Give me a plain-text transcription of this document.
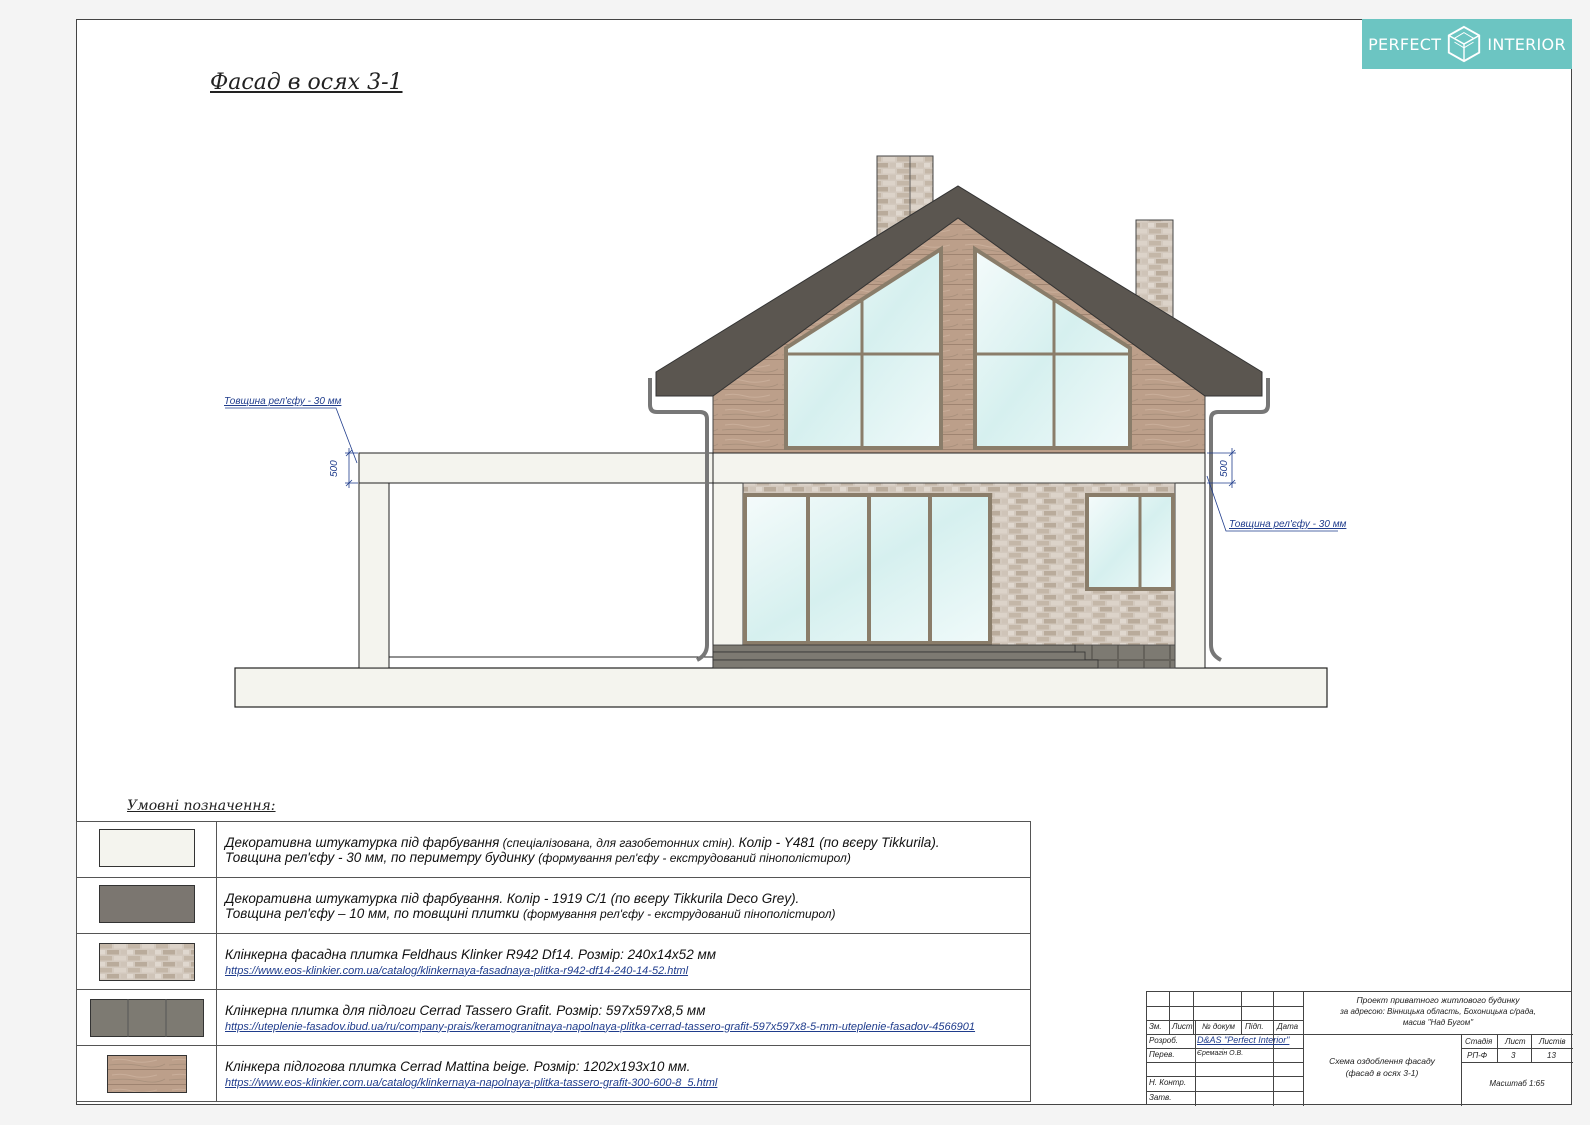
PERFECT	INTERIOR
Фасад в осях 3-1
Товщина рел'єфу - 30 мм
Товщина рел'єфу - 30 мм
500	500
Умовні позначення:
	Декоративна штукатурка під фарбування (спеціалізована, для газобетонних стін). Колір - Y481 (по вєеру Tikkurila).
Товщина рел'єфу - 30 мм, по периметру будинку (формування рел'єфу - екструдований пінополістирол)
	Декоративна штукатурка під фарбування. Колір - 1919 C/1 (по вєеру Tikkurila Deco Grey).
Товщина рел'єфу – 10 мм, по товщині плитки (формування рел'єфу - екструдований пінополістирол)
	Клінкерна фасадна плитка Feldhaus Klinker R942 Df14. Розмір: 240x14x52 мм
https://www.eos-klinkier.com.ua/catalog/klinkernaya-fasadnaya-plitka-r942-df14-240-14-52.html

	Клінкерна плитка для підлоги Cerrad Tassero Grafit. Розмір: 597x597x8,5 мм
https://uteplenie-fasadov.ibud.ua/ru/company-prais/keramogranitnaya-napolnaya-plitka-cerrad-tassero-grafit-597x597x8-5-mm-uteplenie-fasadov-4566901

	Клінкера підлогова плитка Cerrad Mattina beige. Розмір: 1202x193x10 мм.
https://www.eos-klinkier.com.ua/catalog/klinkernaya-napolnaya-plitka-tassero-grafit-300-600-8_5.html
Зм. Лист № докум Підп. Дата
Розроб. D&AS "Perfect Interior"
Перев.	Єремагін О.В.
Н. Контр.
Затв.
Проект приватного житлового будинку
за адресою: Вінницька область, Бохоницька с/рада,
масив "Над Бугом"
Схема оздоблення фасаду
(фасад в осях 3-1)
Стадія Лист Листів
РП-Ф	3	13
Масштаб 1:65
